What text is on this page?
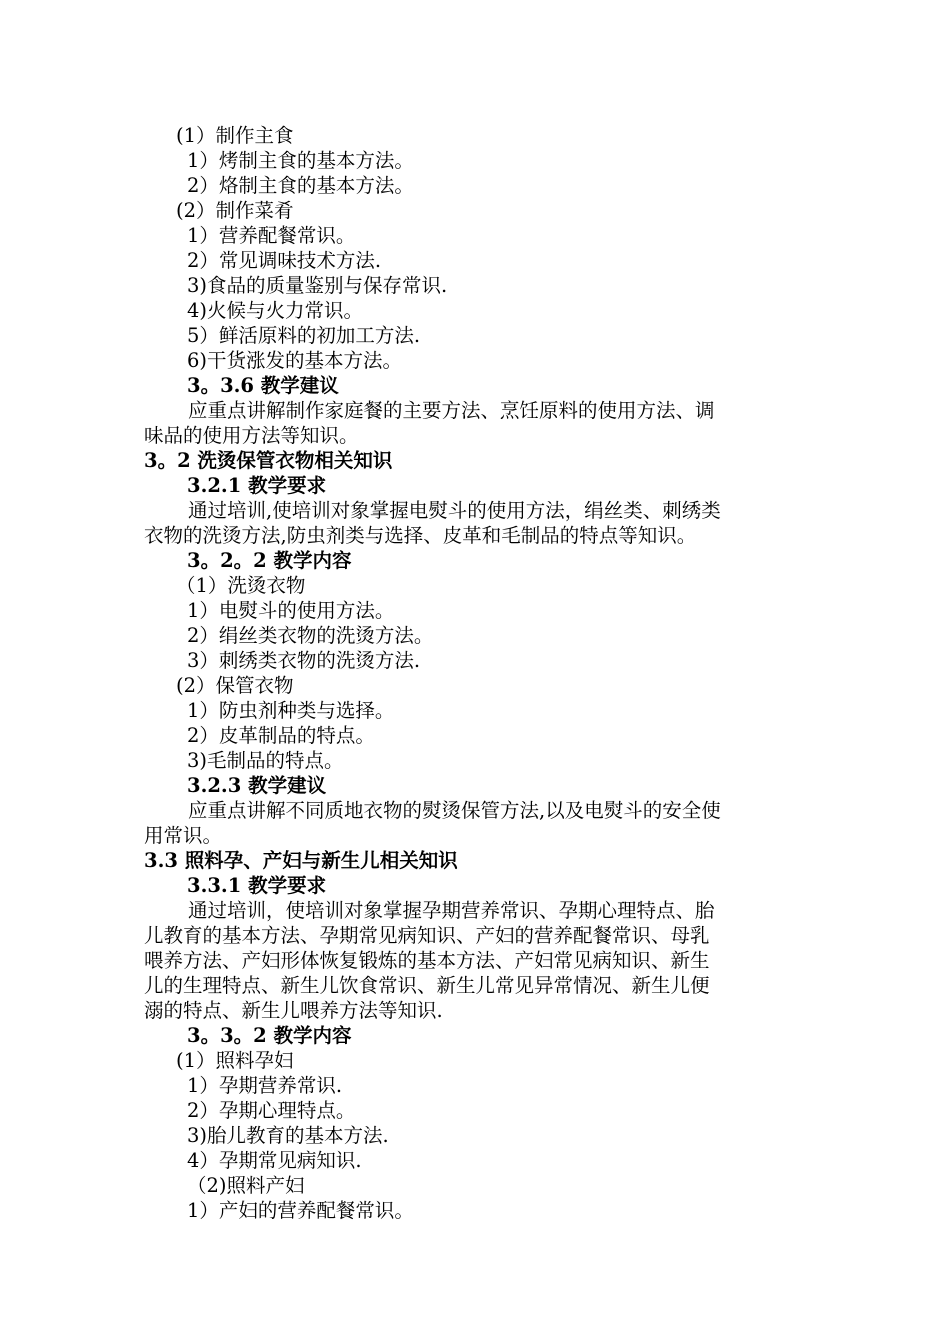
(1）制作主食
1）烤制主食的基本方法。
2）烙制主食的基本方法。
(2）制作菜肴
1）营养配餐常识。
2）常见调味技术方法.
3)食品的质量鉴别与保存常识.
4)火候与火力常识。
5）鲜活原料的初加工方法.
6)干货涨发的基本方法。
3。3.6 教学建议
应重点讲解制作家庭餐的主要方法、烹饪原料的使用方法、调
味品的使用方法等知识。
3。2 洗烫保管衣物相关知识
3.2.1 教学要求
通过培训,使培训对象掌握电熨斗的使用方法，绢丝类、刺绣类
衣物的洗烫方法,防虫剂类与选择、皮革和毛制品的特点等知识。
3。2。2 教学内容
（1）洗烫衣物
1）电熨斗的使用方法。
2）绢丝类衣物的洗烫方法。
3）刺绣类衣物的洗烫方法.
(2）保管衣物
1）防虫剂种类与选择。
2）皮革制品的特点。
3)毛制品的特点。
3.2.3 教学建议
应重点讲解不同质地衣物的熨烫保管方法,以及电熨斗的安全使
用常识。
3.3 照料孕、产妇与新生儿相关知识
3.3.1 教学要求
通过培训，使培训对象掌握孕期营养常识、孕期心理特点、胎
儿教育的基本方法、孕期常见病知识、产妇的营养配餐常识、母乳
喂养方法、产妇形体恢复锻炼的基本方法、产妇常见病知识、新生
儿的生理特点、新生儿饮食常识、新生儿常见异常情况、新生儿便
溺的特点、新生儿喂养方法等知识.
3。3。2 教学内容
(1）照料孕妇
1）孕期营养常识.
2）孕期心理特点。
3)胎儿教育的基本方法.
4）孕期常见病知识.
（2)照料产妇
1）产妇的营养配餐常识。
